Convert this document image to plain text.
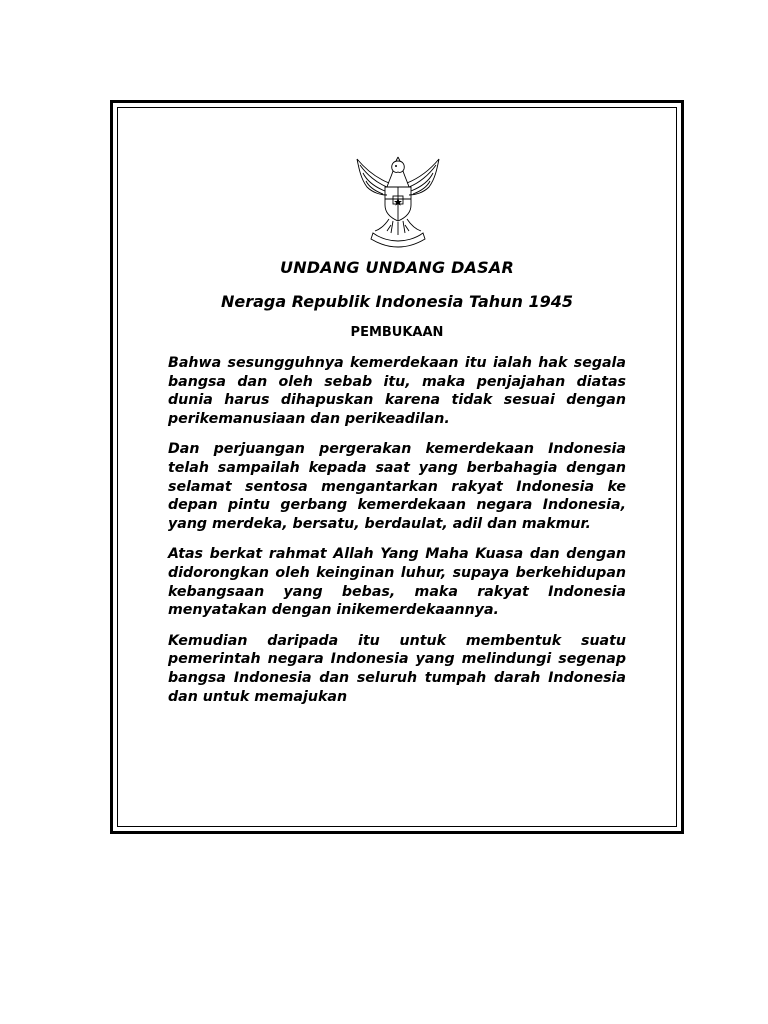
UNDANG UNDANG DASAR
Neraga Republik Indonesia Tahun 1945
PEMBUKAAN

Bahwa sesungguhnya kemerdekaan itu ialah hak segala bangsa dan oleh sebab itu, maka penjajahan diatas dunia harus dihapuskan karena tidak sesuai dengan perikemanusiaan dan perikeadilan.

Dan perjuangan pergerakan kemerdekaan Indonesia telah sampailah kepada saat yang berbahagia dengan selamat sentosa mengantarkan rakyat Indonesia ke depan pintu gerbang kemerdekaan negara Indonesia, yang merdeka, bersatu, berdaulat, adil dan makmur.

Atas berkat rahmat Allah Yang Maha Kuasa dan dengan didorongkan oleh keinginan luhur, supaya berkehidupan kebangsaan yang bebas, maka rakyat Indonesia menyatakan dengan inikemerdekaannya.

Kemudian daripada itu untuk membentuk suatu pemerintah negara Indonesia yang melindungi segenap bangsa Indonesia dan seluruh tumpah darah Indonesia dan untuk memajukan
